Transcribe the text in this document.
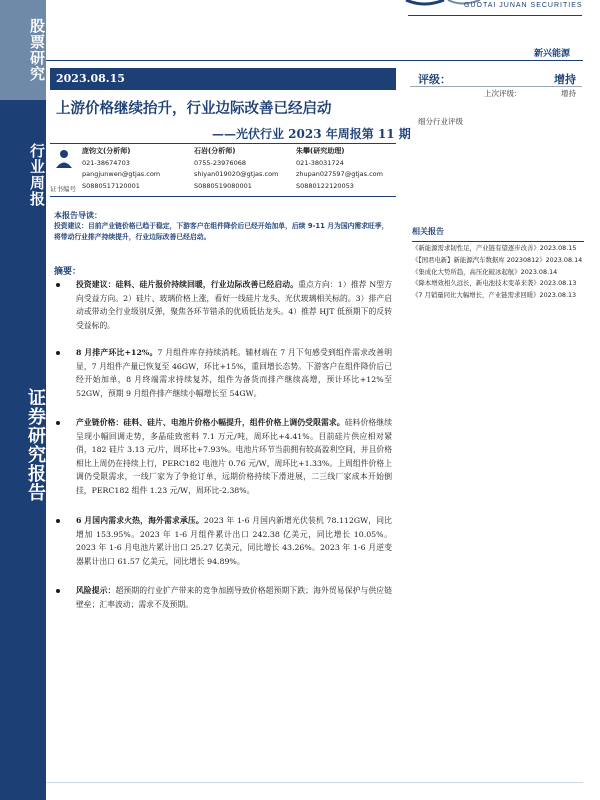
股票研究
行业周报
证券研究报告
GUOTAI JUNAN SECURITIES
新兴能源
2023.08.15
上游价格继续抬升，行业边际改善已经启动
——光伏行业 2023 年周报第 11 期
评级：	增持
上次评级：	增持
细分行业评级
证书编号
庞钧文(分析师)
021-38674703
pangjunwen@gtjas.com
S0880517120001
石岩(分析师)
0755-23976068
shiyan019020@gtjas.com
S0880519080001
朱攀(研究助理)
021-38031724
zhupan027597@gtjas.com
S0880122120053
本报告导读：
投资建议：目前产业链价格已趋于稳定，下游客户在组件降价后已经开始加单，后续 9-11 月为国内需求旺季，将带动行业排产持续提升，行业边际改善已经启动。
摘要：
投资建议：硅料、硅片报价持续回暖，行业边际改善已经启动。重点方向：1）推荐 N型方向受益方向。2）硅片、玻璃价格上涨，看好一线硅片龙头、光伏玻璃相关标的。3）排产启动或带动全行业级别反弹，聚焦各环节错杀的优质低估龙头。4）推荐 HJT 低预期下的反转受益标的。
8 月排产环比+12%。7 月组件库存持续消耗。辅材端在 7 月下旬感受到组件需求改善明显，7 月组件产量已恢复至 46GW，环比+15%，重回增长态势。下游客户在组件降价后已经开始加单，8 月终端需求持续复苏，组件为备货而排产继续高增，预计环比+12%至 52GW，预期 9 月组件排产继续小幅增长至 54GW。
产业链价格：硅料、硅片、电池片价格小幅提升，组件价格上调仍受限需求。硅料价格继续呈现小幅回调走势，多晶硅致密料 7.1 万元/吨，周环比+4.41%。目前硅片供应相对紧俏，182 硅片 3.13 元/片，周环比+7.93%。电池片环节当前拥有较高盈利空间，并且价格相比上周仍在持续上行，PERC182 电池片 0.76 元/W，周环比+1.33%。上周组件价格上调仍受限需求，一线厂家为了争抢订单，远期价格持续下滑进展，二三线厂家成本开始倒挂，PERC182 组件 1.23 元/W，周环比-2.38%。
6 月国内需求火热，海外需求承压。2023 年 1-6 月国内新增光伏装机 78.112GW，同比增加 153.95%。2023 年 1-6 月组件累计出口 242.38 亿美元，同比增长 10.05%。2023 年 1-6 月电池片累计出口 25.27 亿美元，同比增长 43.26%。2023 年 1-6 月逆变器累计出口 61.57 亿美元，同比增长 94.89%。
风险提示：超预期的行业扩产带来的竞争加剧导致价格超预期下跌；海外贸易保护与供应链壁垒；汇率波动；需求不及预期。
相关报告
《新能源需求韧性足，产业链有望逐步改善》2023.08.15
《【国君电新】新能源汽车数据库 20230812》2023.08.14
《集成化大势所趋，高压化破冰起航》2023.08.14
《降本增效相久远长，新电池技术变革来袭》2023.08.13
《7 月销量同比大幅增长，产业链需求回暖》2023.08.13
